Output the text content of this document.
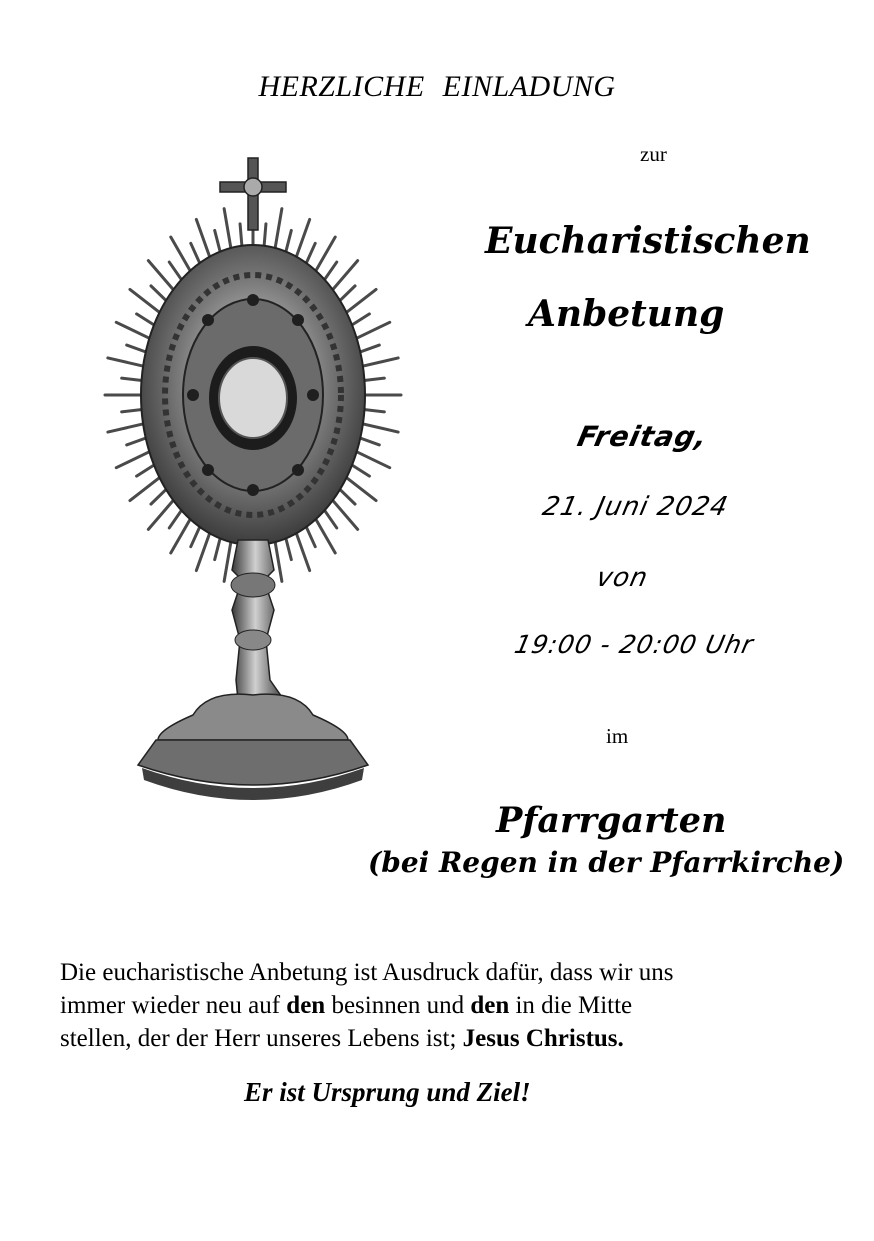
HERZLICHE EINLADUNG
zur
Eucharistischen
Anbetung
Freitag,
21. Juni 2024
von
19:00 - 20:00 Uhr
im
Pfarrgarten
(bei Regen in der Pfarrkirche)
Die eucharistische Anbetung ist Ausdruck dafür, dass wir uns
immer wieder neu auf den besinnen und den in die Mitte
stellen, der der Herr unseres Lebens ist; Jesus Christus.
Er ist Ursprung und Ziel!
